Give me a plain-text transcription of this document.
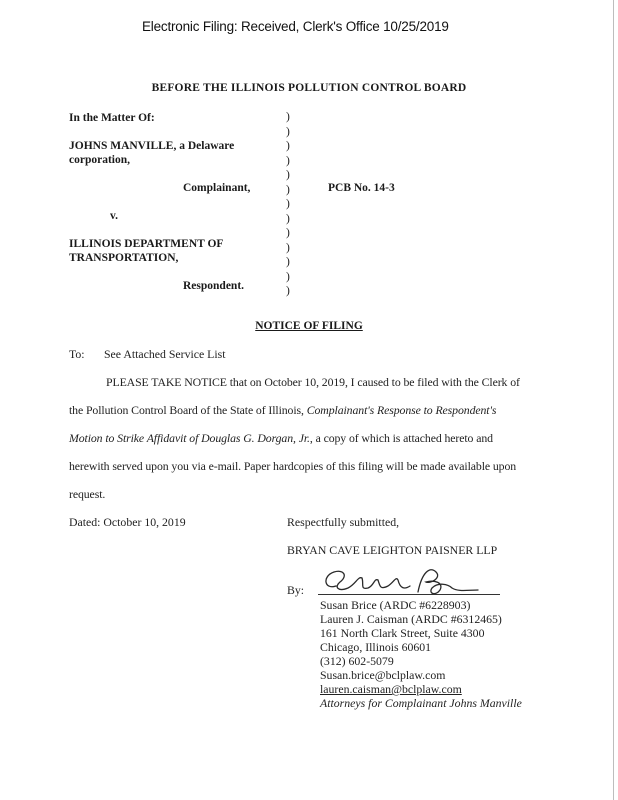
Electronic Filing: Received, Clerk's Office 10/25/2019
BEFORE THE ILLINOIS POLLUTION CONTROL BOARD
In the Matter Of:
JOHNS MANVILLE, a Delaware
corporation,
Complainant,
v.
ILLINOIS DEPARTMENT OF
TRANSPORTATION,
Respondent.
)
)
)
)
)
)
)
)
)
)
)
)
)
PCB No. 14-3
NOTICE OF FILING
To: See Attached Service List
PLEASE TAKE NOTICE that on October 10, 2019, I caused to be filed with the Clerk of
the Pollution Control Board of the State of Illinois, Complainant's Response to Respondent's
Motion to Strike Affidavit of Douglas G. Dorgan, Jr., a copy of which is attached hereto and
herewith served upon you via e-mail. Paper hardcopies of this filing will be made available upon
request.
Dated: October 10, 2019	Respectfully submitted,
BRYAN CAVE LEIGHTON PAISNER LLP
By:
Susan Brice (ARDC #6228903)
Lauren J. Caisman (ARDC #6312465)
161 North Clark Street, Suite 4300
Chicago, Illinois 60601
(312) 602-5079
Susan.brice@bclplaw.com
lauren.caisman@bclplaw.com
Attorneys for Complainant Johns Manville
